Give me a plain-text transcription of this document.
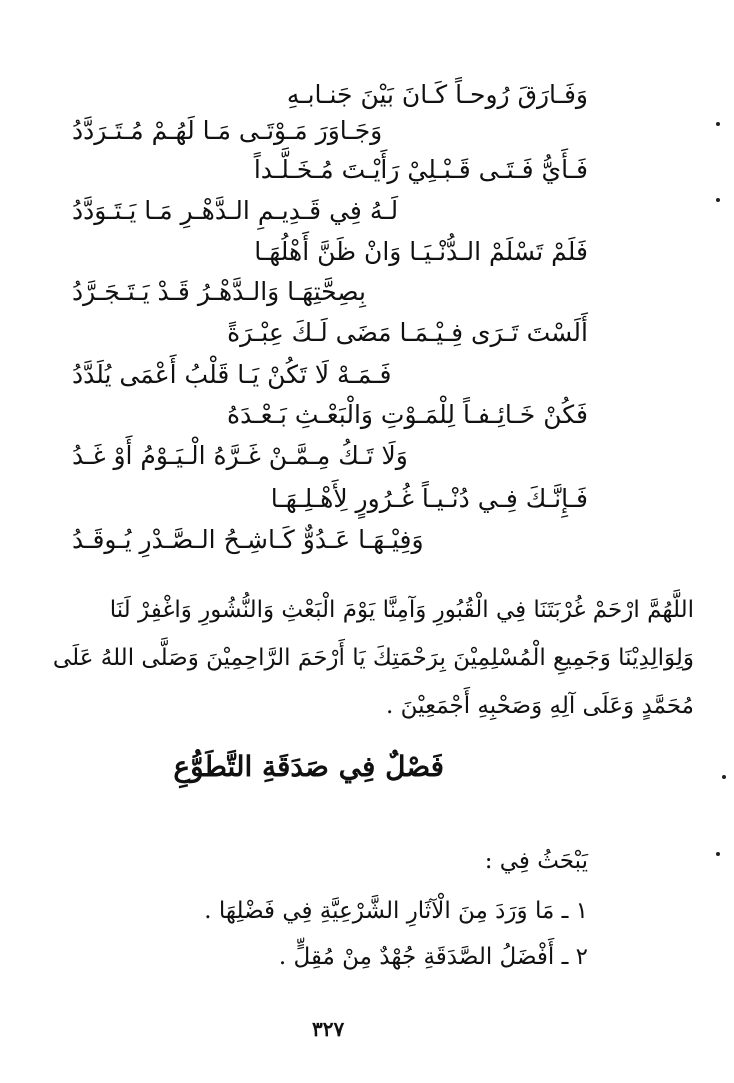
وَفَـارَقَ رُوحـاً كَـانَ بَيْنَ جَنـابـهِ
وَجَـاوَرَ مَـوْتَـى مَـا لَهُـمْ مُـتَـرَدَّدُ
فَـأَيُّ فَـتَـى قَـبْـلِيْ رَأَيْـتَ مُـخَـلَّـداً
لَـهُ فِي قَـدِيـمِ الـدَّهْـرِ مَـا يَـتَـوَدَّدُ
فَلَمْ تَسْلَمْ الـدُّنْـيَـا وَانْ ظَنَّ أَهْلُهَـا
بِصِحَّتِهَـا وَالـدَّهْـرُ قَـدْ يَـتَـجَـرَّدُ
أَلَسْتَ تَـرَى فِـيْـمَـا مَضَى لَـكَ عِبْـرَةً
فَـمَـهْ لَا تَكُنْ يَـا قَلْبُ أَعْمَى يُلَدَّدُ
فَكُنْ خَـائِـفـاً لِلْمَـوْتِ وَالْبَعْـثِ بَـعْـدَهُ
وَلَا تَـكُ مِـمَّـنْ غَـرَّهُ الْـيَـوْمُ أَوْ غَـدُ
فَـإِنَّـكَ فِـي دُنْـيـاً غُـرُورٍ لِأَهْـلِـهَـا
وَفِيْـهَـا عَـدُوٌّ كَـاشِـحُ الـصَّـدْرِ يُـوقَـدُ
اللَّهُمَّ ارْحَمْ غُرْبَتَنَا فِي الْقُبُورِ وَآمِنَّا يَوْمَ الْبَعْثِ وَالنُّشُورِ وَاغْفِرْ لَنَا
وَلِوَالِدِيْنَا وَجَمِيعِ الْمُسْلِمِيْنَ بِرَحْمَتِكَ يَا أَرْحَمَ الرَّاحِمِيْنَ وَصَلَّى اللهُ عَلَى
مُحَمَّدٍ وَعَلَى آلِهِ وَصَحْبِهِ أَجْمَعِيْنَ .
فَصْلٌ فِي صَدَقَةِ التَّطَوُّعِ
يَبْحَثُ فِي :
١ ـ مَا وَرَدَ مِنَ الْآثَارِ الشَّرْعِيَّةِ فِي فَضْلِهَا .
٢ ـ أَفْضَلُ الصَّدَقَةِ جُهْدٌ مِنْ مُقِلٍّ .
٣٢٧
